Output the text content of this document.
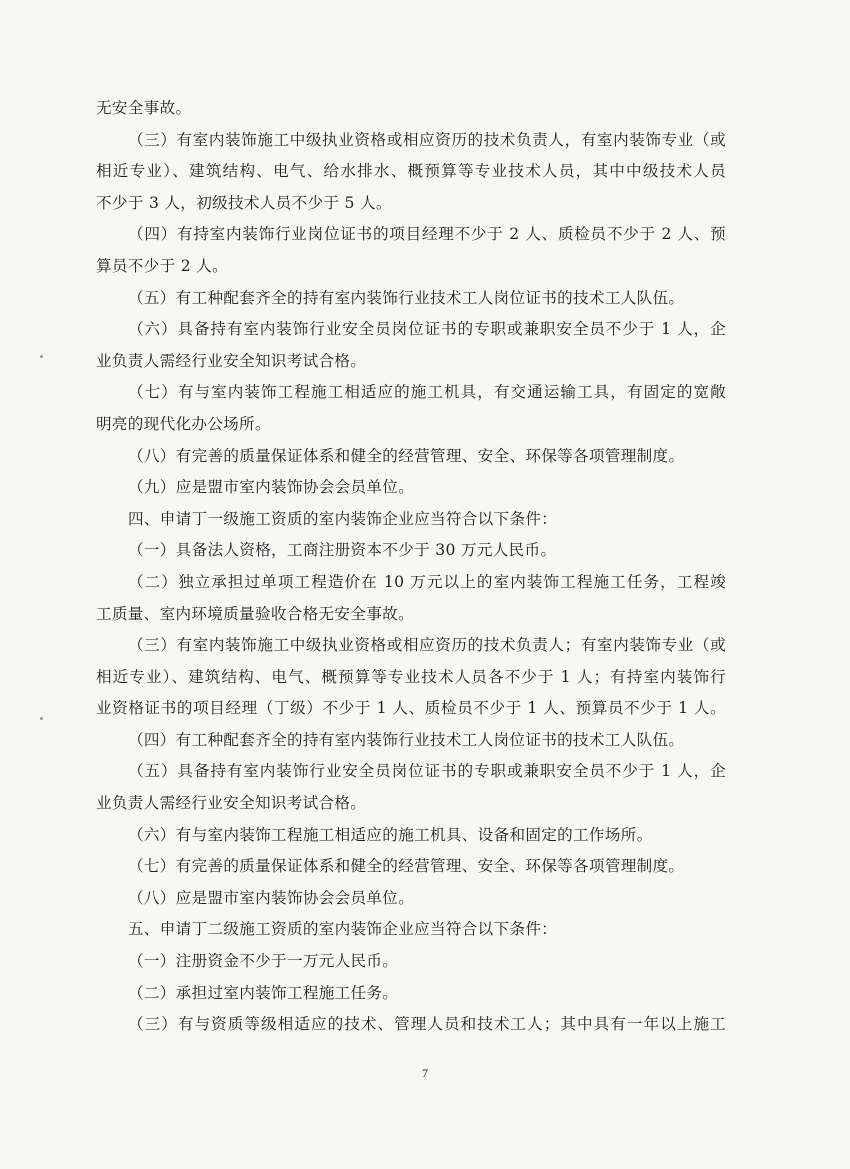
无安全事故。
（三）有室内装饰施工中级执业资格或相应资历的技术负责人，有室内装饰专业（或
相近专业）、建筑结构、电气、给水排水、概预算等专业技术人员，其中中级技术人员
不少于 3 人，初级技术人员不少于 5 人。
（四）有持室内装饰行业岗位证书的项目经理不少于 2 人、质检员不少于 2 人、预
算员不少于 2 人。
（五）有工种配套齐全的持有室内装饰行业技术工人岗位证书的技术工人队伍。
（六）具备持有室内装饰行业安全员岗位证书的专职或兼职安全员不少于 1 人，企
业负责人需经行业安全知识考试合格。
（七）有与室内装饰工程施工相适应的施工机具，有交通运输工具，有固定的宽敞
明亮的现代化办公场所。
（八）有完善的质量保证体系和健全的经营管理、安全、环保等各项管理制度。
（九）应是盟市室内装饰协会会员单位。
四、申请丁一级施工资质的室内装饰企业应当符合以下条件：
（一）具备法人资格，工商注册资本不少于 30 万元人民币。
（二）独立承担过单项工程造价在 10 万元以上的室内装饰工程施工任务，工程竣
工质量、室内环境质量验收合格无安全事故。
（三）有室内装饰施工中级执业资格或相应资历的技术负责人；有室内装饰专业（或
相近专业）、建筑结构、电气、概预算等专业技术人员各不少于 1 人；有持室内装饰行
业资格证书的项目经理（丁级）不少于 1 人、质检员不少于 1 人、预算员不少于 1 人。
（四）有工种配套齐全的持有室内装饰行业技术工人岗位证书的技术工人队伍。
（五）具备持有室内装饰行业安全员岗位证书的专职或兼职安全员不少于 1 人，企
业负责人需经行业安全知识考试合格。
（六）有与室内装饰工程施工相适应的施工机具、设备和固定的工作场所。
（七）有完善的质量保证体系和健全的经营管理、安全、环保等各项管理制度。
（八）应是盟市室内装饰协会会员单位。
五、申请丁二级施工资质的室内装饰企业应当符合以下条件：
（一）注册资金不少于一万元人民币。
（二）承担过室内装饰工程施工任务。
（三）有与资质等级相适应的技术、管理人员和技术工人；其中具有一年以上施工
7
